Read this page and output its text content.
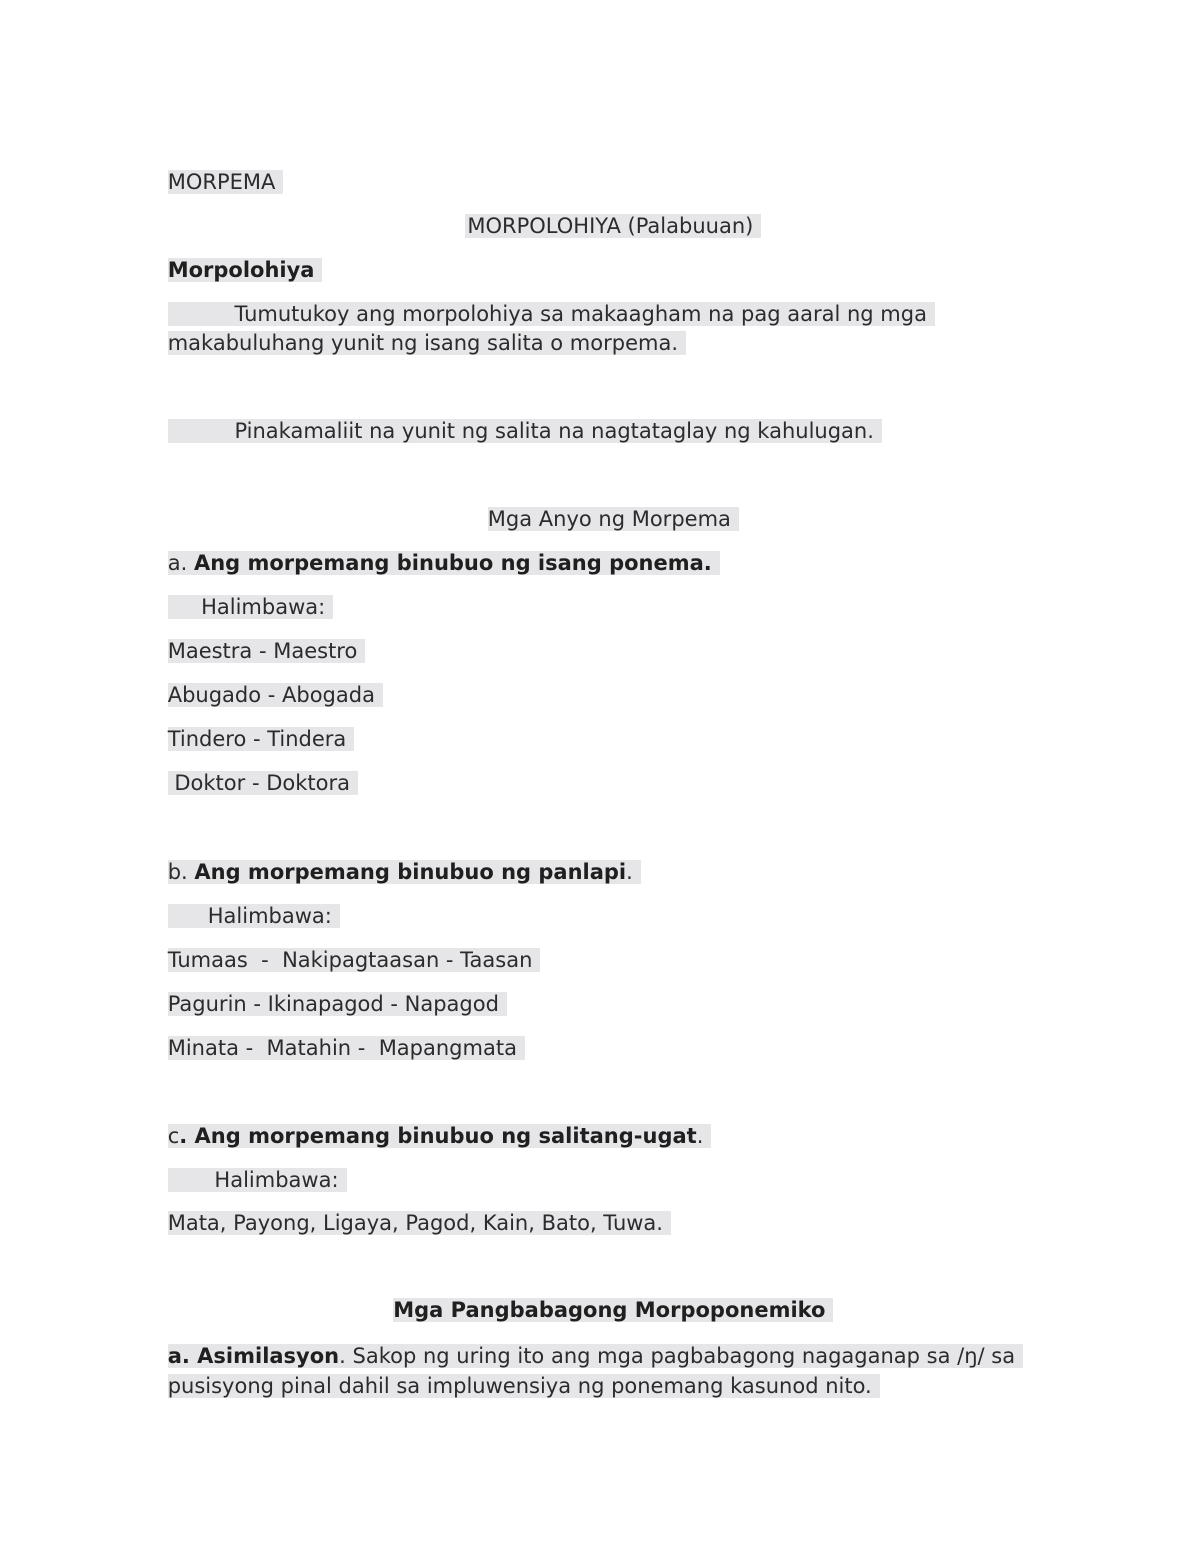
MORPEMA

MORPOLOHIYA (Palabuuan)

Morpolohiya

Tumutukoy ang morpolohiya sa makaagham na pag aaral ng mga

makabuluhang yunit ng isang salita o morpema.

Pinakamaliit na yunit ng salita na nagtataglay ng kahulugan.

Mga Anyo ng Morpema

a. Ang morpemang binubuo ng isang ponema.

Halimbawa:

Maestra - Maestro

Abugado - Abogada

Tindero - Tindera

Doktor - Doktora

b. Ang morpemang binubuo ng panlapi.

Halimbawa:

Tumaas  -  Nakipagtaasan - Taasan

Pagurin - Ikinapagod - Napagod

Minata -  Matahin -  Mapangmata

c. Ang morpemang binubuo ng salitang-ugat.

Halimbawa:

Mata, Payong, Ligaya, Pagod, Kain, Bato, Tuwa.

Mga Pangbabagong Morpoponemiko

a. Asimilasyon. Sakop ng uring ito ang mga pagbabagong nagaganap sa /ŋ/ sa

pusisyong pinal dahil sa impluwensiya ng ponemang kasunod nito.
